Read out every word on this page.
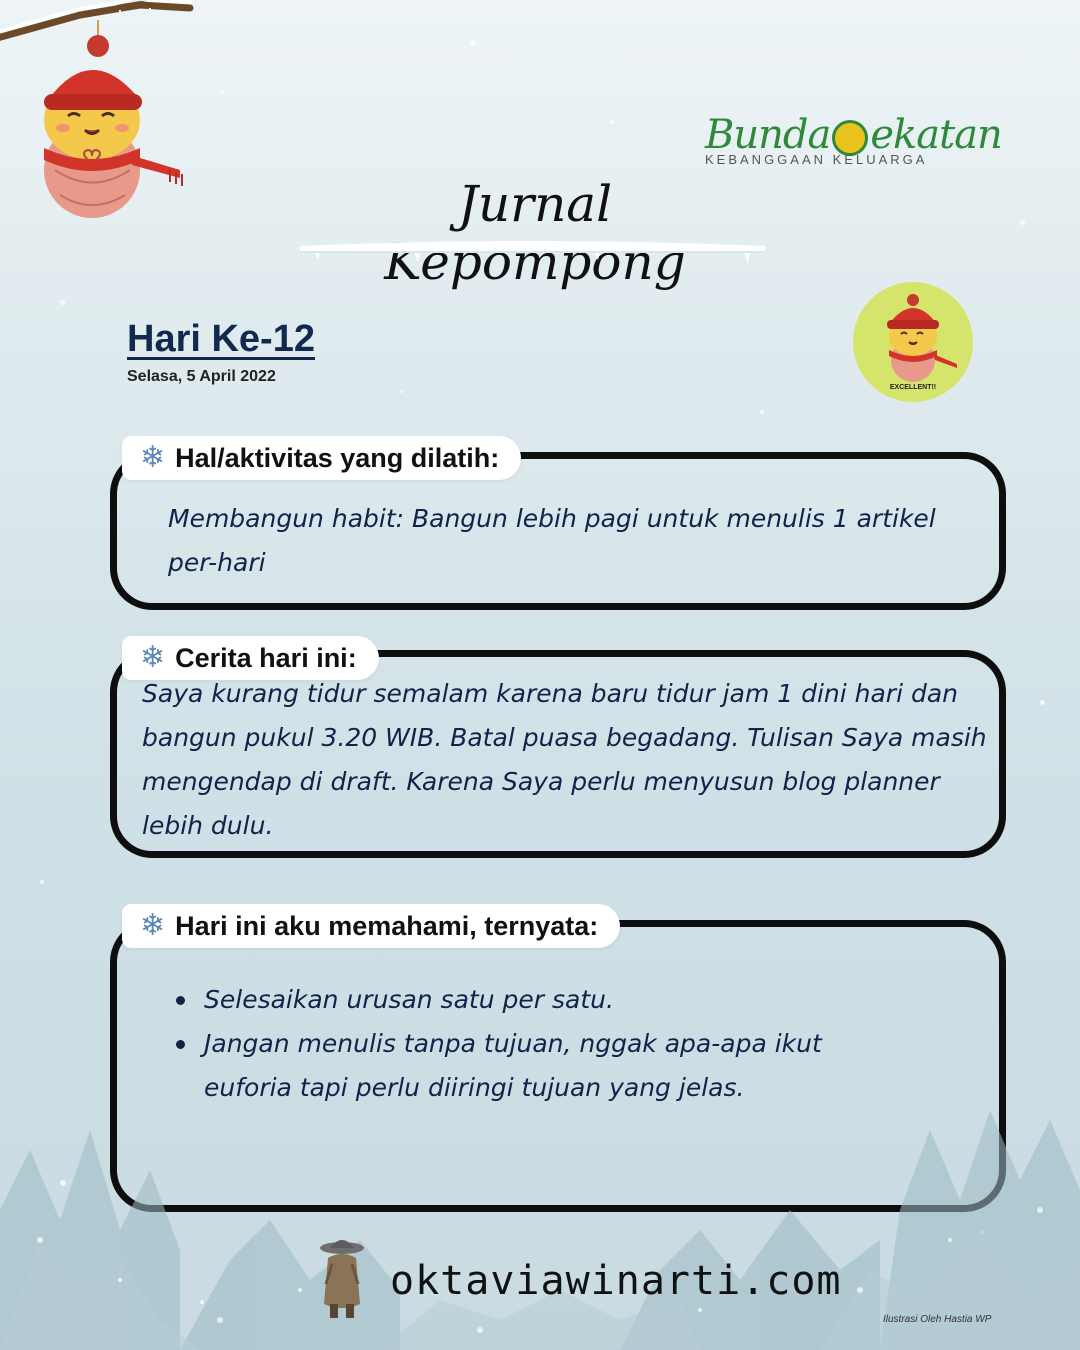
Bunda ekatan
KEBANGGAAN KELUARGA
Jurnal Kepompong
Hari Ke-12
Selasa, 5 April 2022
EXCELLENT!!
❄ Hal/aktivitas yang dilatih:
Membangun habit: Bangun lebih pagi untuk menulis 1 artikel per-hari
❄ Cerita hari ini:
Saya kurang tidur semalam karena baru tidur jam 1 dini hari dan bangun pukul 3.20 WIB. Batal puasa begadang. Tulisan Saya masih mengendap di draft. Karena Saya perlu menyusun blog planner lebih dulu.
❄ Hari ini aku memahami, ternyata:
Selesaikan urusan satu per satu.
Jangan menulis tanpa tujuan, nggak apa-apa ikut euforia tapi perlu diiringi tujuan yang jelas.
oktaviawinarti.com
Ilustrasi Oleh Hastia WP
